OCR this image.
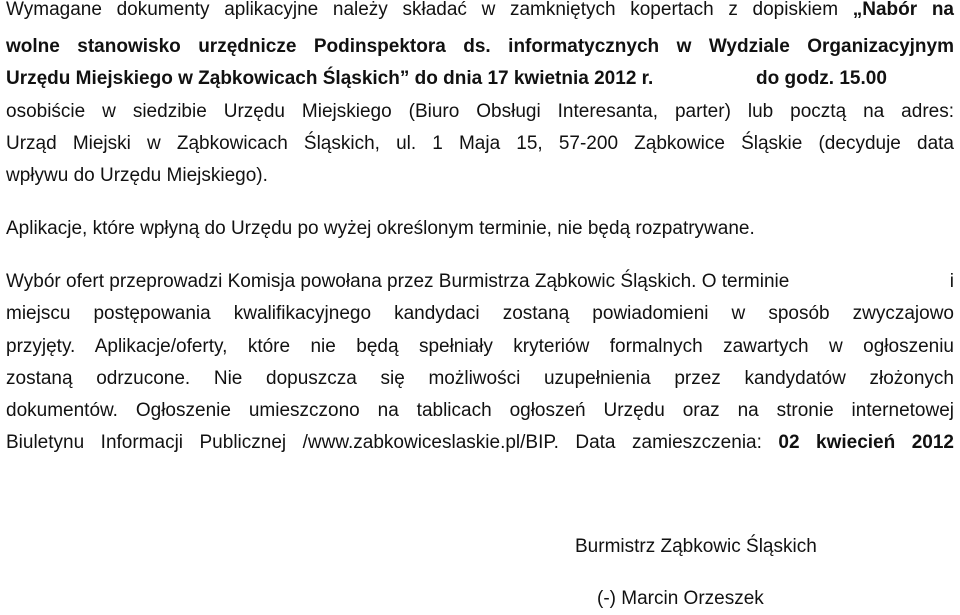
Wymagane dokumenty aplikacyjne należy składać w zamkniętych kopertach z dopiskiem „Nabór na
wolne stanowisko urzędnicze Podinspektora ds. informatycznych w Wydziale Organizacyjnym
Urzędu Miejskiego w Ząbkowicach Śląskich” do dnia 17 kwietnia 2012 r.	do godz. 15.00
osobiście w siedzibie Urzędu Miejskiego (Biuro Obsługi Interesanta, parter) lub pocztą na adres:
Urząd Miejski w Ząbkowicach Śląskich, ul. 1 Maja 15, 57-200 Ząbkowice Śląskie (decyduje data
wpływu do Urzędu Miejskiego).
Aplikacje, które wpłyną do Urzędu po wyżej określonym terminie, nie będą rozpatrywane.
Wybór ofert przeprowadzi Komisja powołana przez Burmistrza Ząbkowic Śląskich. O terminie	i
miejscu postępowania kwalifikacyjnego kandydaci zostaną powiadomieni w sposób zwyczajowo
przyjęty. Aplikacje/oferty, które nie będą spełniały kryteriów formalnych zawartych w ogłoszeniu
zostaną odrzucone. Nie dopuszcza się możliwości uzupełnienia przez kandydatów złożonych
dokumentów. Ogłoszenie umieszczono na tablicach ogłoszeń Urzędu oraz na stronie internetowej
Biuletynu Informacji Publicznej /www.zabkowiceslaskie.pl/BIP. Data zamieszczenia: 02 kwiecień 2012
Burmistrz Ząbkowic Śląskich
(-) Marcin Orzeszek
